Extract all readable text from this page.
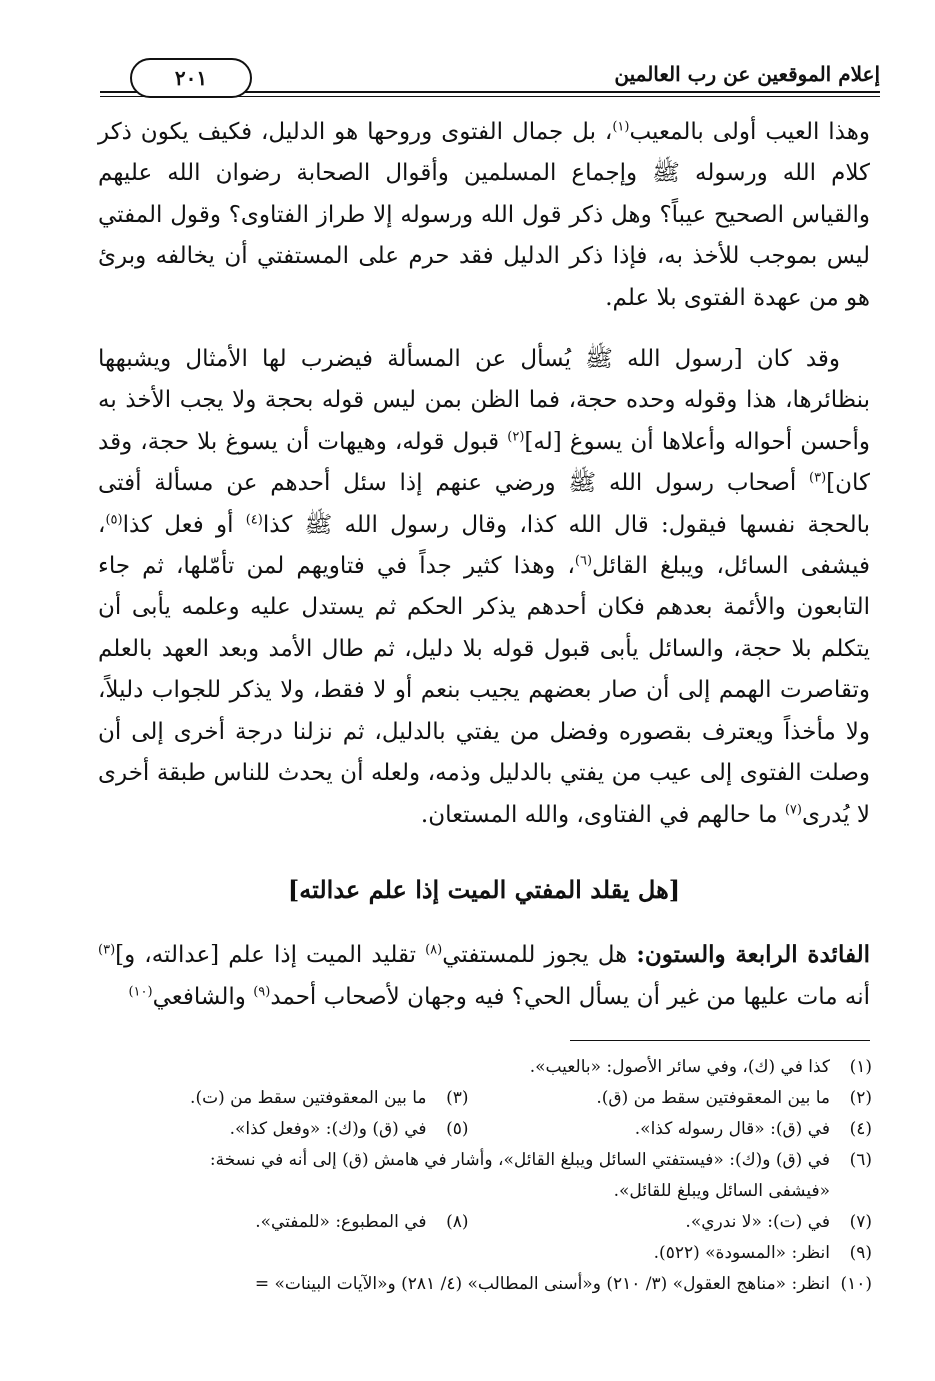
إعلام الموقعين عن رب العالمين
٢٠١

وهذا العيب أولى بالمعيب$^{(١)}$، بل جمال الفتوى وروحها هو الدليل، فكيف يكون ذكر كلام الله ورسوله ﷺ وإجماع المسلمين وأقوال الصحابة رضوان الله عليهم والقياس الصحيح عيباً؟ وهل ذكر قول الله ورسوله إلا طراز الفتاوى؟ وقول المفتي ليس بموجب للأخذ به، فإذا ذكر الدليل فقد حرم على المستفتي أن يخالفه وبرئ هو من عهدة الفتوى بلا علم.

وقد كان [رسول الله ﷺ يُسأل عن المسألة فيضرب لها الأمثال ويشبهها بنظائرها، هذا وقوله وحده حجة، فما الظن بمن ليس قوله بحجة ولا يجب الأخذ به وأحسن أحواله وأعلاها أن يسوغ [له]$^{(٢)}$ قبول قوله، وهيهات أن يسوغ بلا حجة، وقد كان]$^{(٣)}$ أصحاب رسول الله ﷺ ورضي عنهم إذا سئل أحدهم عن مسألة أفتى بالحجة نفسها فيقول: قال الله كذا، وقال رسول الله ﷺ كذا$^{(٤)}$ أو فعل كذا$^{(٥)}$، فيشفى السائل، ويبلغ القائل$^{(٦)}$، وهذا كثير جداً في فتاويهم لمن تأمّلها، ثم جاء التابعون والأئمة بعدهم فكان أحدهم يذكر الحكم ثم يستدل عليه وعلمه يأبى أن يتكلم بلا حجة، والسائل يأبى قبول قوله بلا دليل، ثم طال الأمد وبعد العهد بالعلم وتقاصرت الهمم إلى أن صار بعضهم يجيب بنعم أو لا فقط، ولا يذكر للجواب دليلاً، ولا مأخذاً ويعترف بقصوره وفضل من يفتي بالدليل، ثم نزلنا درجة أخرى إلى أن وصلت الفتوى إلى عيب من يفتي بالدليل وذمه، ولعله أن يحدث للناس طبقة أخرى لا يُدرى$^{(٧)}$ ما حالهم في الفتاوى، والله المستعان.

[هل يقلد المفتي الميت إذا علم عدالته]

الفائدة الرابعة والستون: هل يجوز للمستفتي$^{(٨)}$ تقليد الميت إذا علم [عدالته، و]$^{(٣)}$ أنه مات عليها من غير أن يسأل الحي؟ فيه وجهان لأصحاب أحمد$^{(٩)}$ والشافعي$^{(١٠)}$

(١)
كذا في (ك)، وفي سائر الأصول: «بالعيب».
(٢)
ما بين المعقوفتين سقط من (ق).
(٣)
ما بين المعقوفتين سقط من (ت).
(٤)
في (ق): «قال رسوله كذا».
(٥)
في (ق) و(ك): «وفعل كذا».
(٦)
في (ق) و(ك): «فيستفتي السائل ويبلغ القائل»، وأشار في هامش (ق) إلى أنه في نسخة:
«فيشفى السائل ويبلغ للقائل».
(٧)
في (ت): «لا ندري».
(٨)
في المطبوع: «للمفتي».
(٩)
انظر: «المسودة» (٥٢٢).
(١٠)
انظر: «مناهج العقول» (٣/ ٢١٠) و«أسنى المطالب» (٤/ ٢٨١) و«الآيات البينات» =
